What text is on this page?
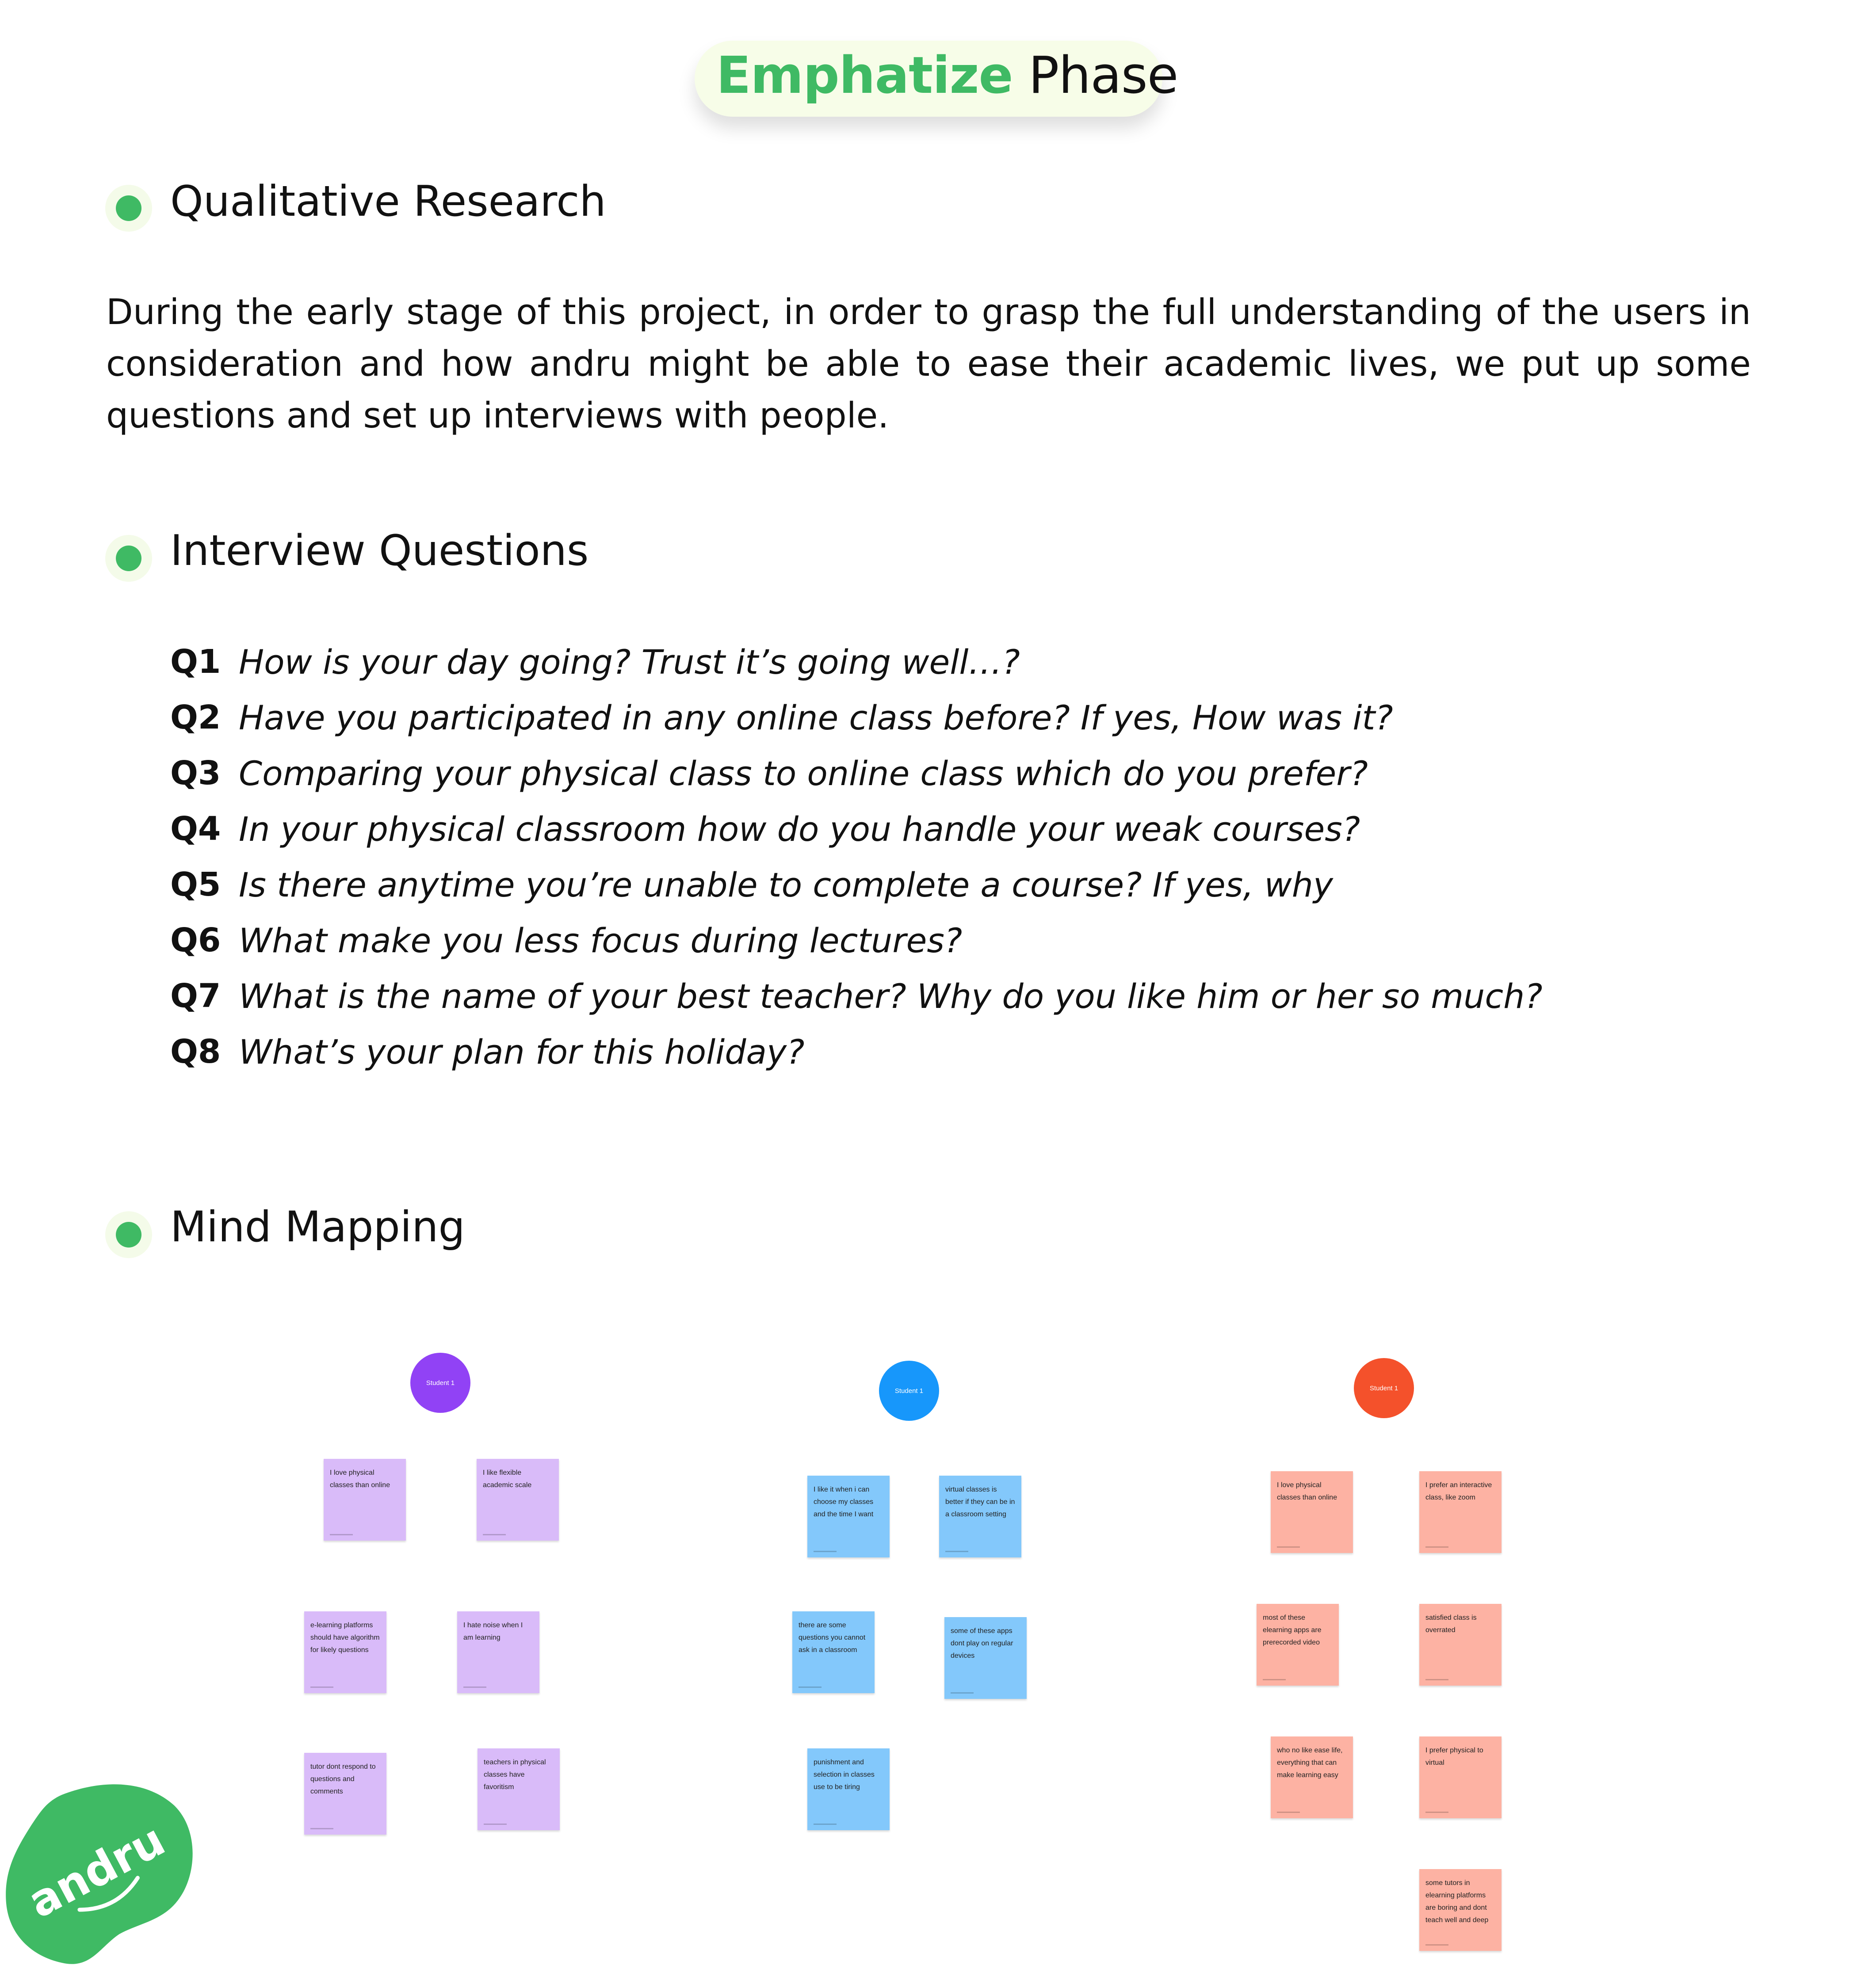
Emphatize Phase
Qualitative Research

During the early stage of this project, in order to grasp the full understanding of the users in consideration and how andru might be able to ease their academic lives, we put up some questions and set up interviews with people.

Interview Questions
Q1 How is your day going? Trust it’s going well…?
Q2 Have you participated in any online class before? If yes, How was it?
Q3 Comparing your physical class to online class which do you prefer?
Q4 In your physical classroom how do you handle your weak courses?
Q5 Is there anytime you’re unable to complete a course? If yes, why
Q6 What make you less focus during lectures?
Q7 What is the name of your best teacher? Why do you like him or her so much?
Q8 What’s your plan for this holiday?
Mind Mapping
Student 1
I love physical classes than online
I like flexible academic scale
e-learning platforms should have algorithm for likely questions
I hate noise when I am learning
tutor dont respond to questions and comments
teachers in physical classes have favoritism
Student 1
I like it when i can choose my classes and the time I want
virtual classes is better if they can be in a classroom setting
there are some questions you cannot ask in a classroom
some of these apps dont play on regular devices
punishment and selection in classes use to be tiring
Student 1
I love physical classes than online
I prefer an interactive class, like zoom
most of these elearning apps are prerecorded video
satisfied class is overrated
who no like ease life, everything that can make learning easy
I prefer physical to virtual
some tutors in elearning platforms are boring and dont teach well and deep
andru
